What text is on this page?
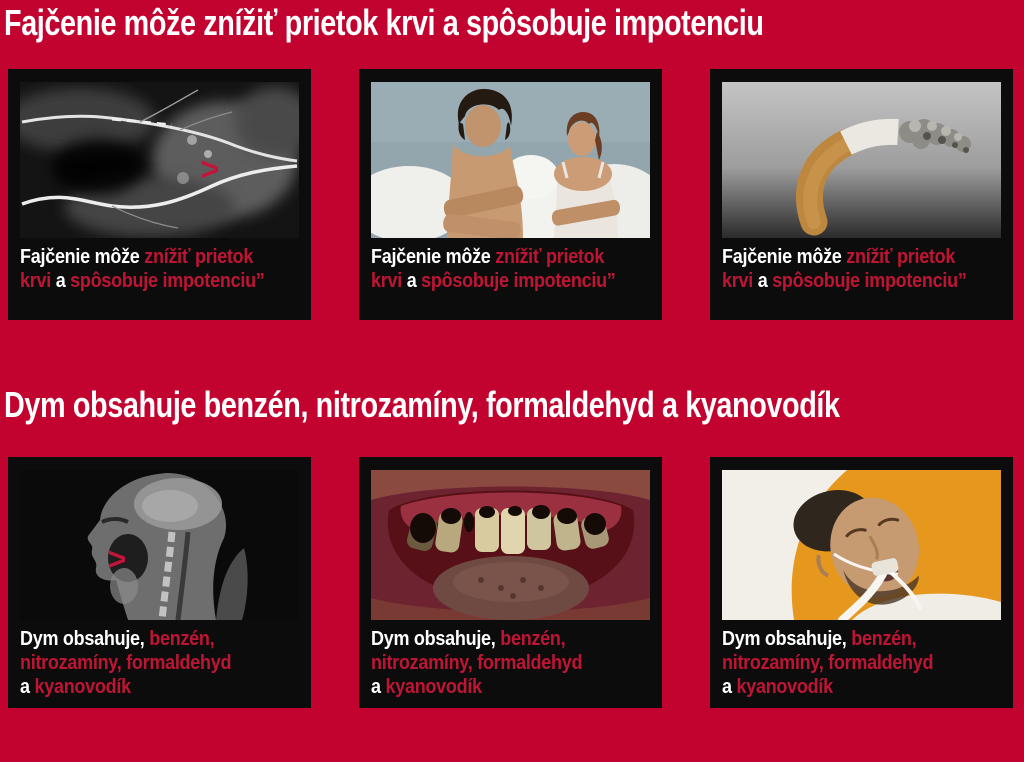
Fajčenie môže znížiť prietok krvi a spôsobuje impotenciu
>

Fajčenie môže znížiť prietok
krvi a spôsobuje impotenciu”

Fajčenie môže znížiť prietok
krvi a spôsobuje impotenciu”

Fajčenie môže znížiť prietok
krvi a spôsobuje impotenciu”

Dym obsahuje benzén, nitrozamíny, formaldehyd a kyanovodík
>

Dym obsahuje, benzén,
nitrozamíny, formaldehyd
a kyanovodík

Dym obsahuje, benzén,
nitrozamíny, formaldehyd
a kyanovodík

Dym obsahuje, benzén,
nitrozamíny, formaldehyd
a kyanovodík
